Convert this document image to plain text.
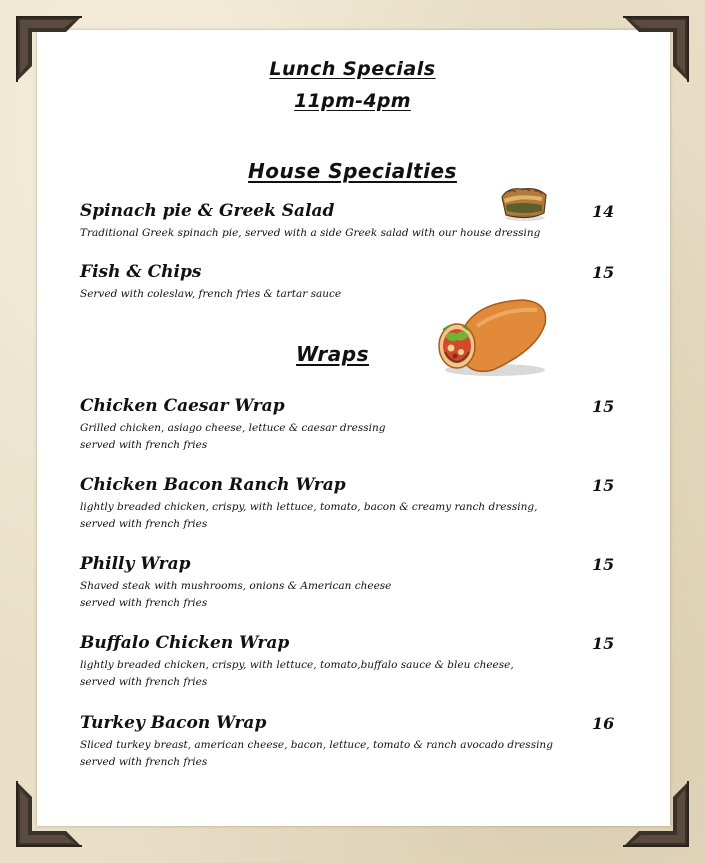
Lunch Specials
11pm-4pm
House Specialties
Wraps
Spinach pie & Greek Salad
Traditional Greek spinach pie, served with a side Greek salad with our house dressing
14
Fish & Chips
Served with coleslaw, french fries & tartar sauce
15
Chicken Caesar Wrap
Grilled chicken, asiago cheese, lettuce & caesar dressing
served with french fries
15
Chicken Bacon Ranch Wrap
lightly breaded chicken, crispy, with lettuce, tomato, bacon & creamy ranch dressing,
served with french fries
15
Philly Wrap
Shaved steak with mushrooms, onions & American cheese
served with french fries
15
Buffalo Chicken Wrap
lightly breaded chicken, crispy, with lettuce, tomato,buffalo sauce & bleu cheese,
served with french fries
15
Turkey Bacon Wrap
Sliced turkey breast, american cheese, bacon, lettuce, tomato & ranch avocado dressing
served with french fries
16
